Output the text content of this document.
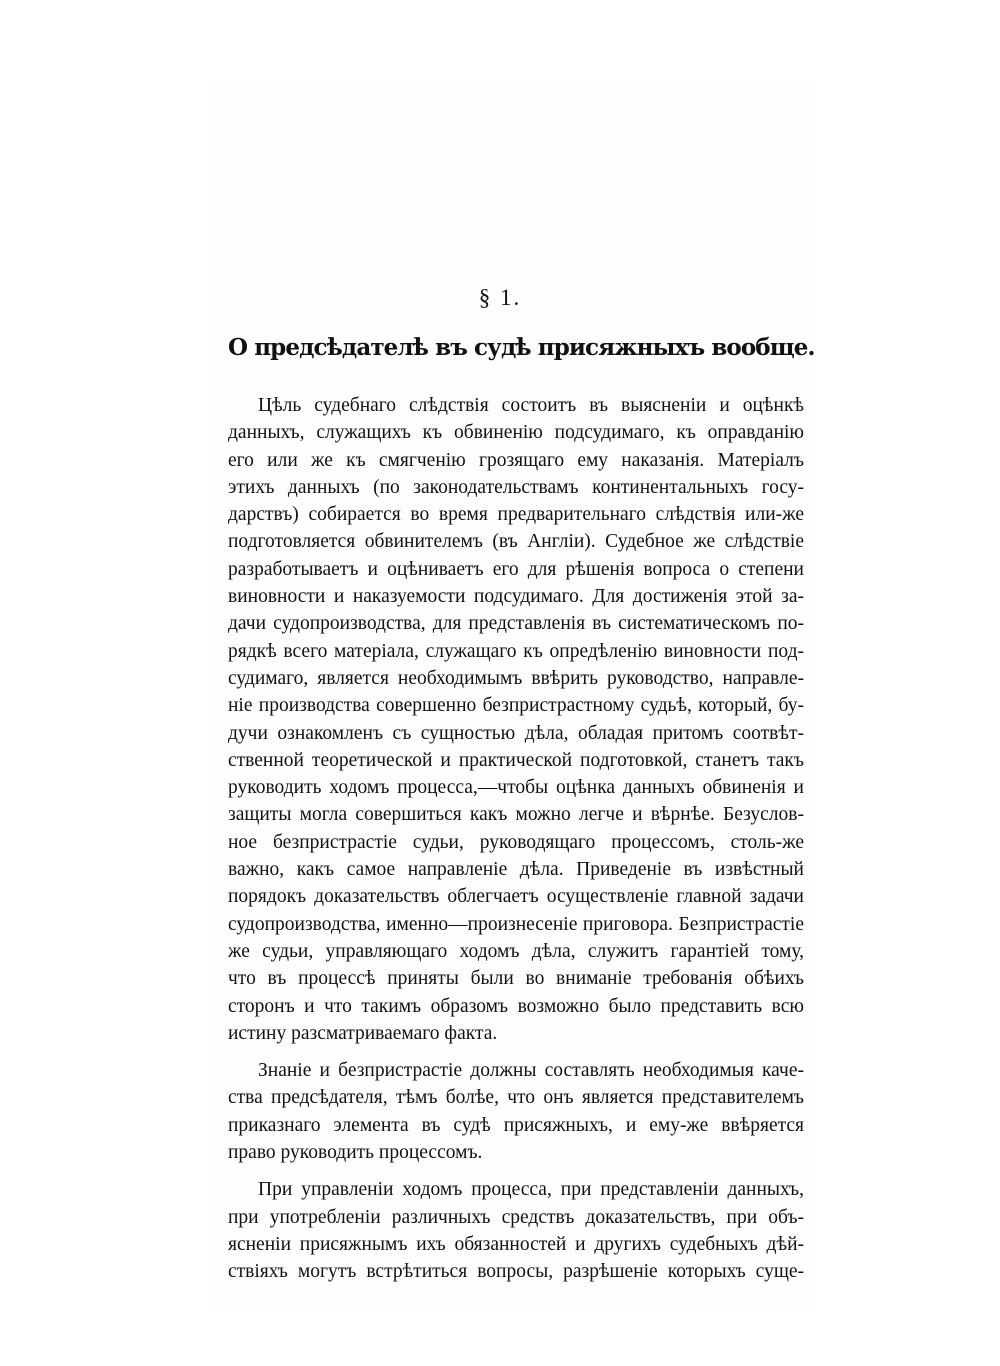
§ 1.
О предсѣдателѣ въ судѣ присяжныхъ вообще.
Цѣль судебнаго слѣдствія состоитъ въ выясненіи и оцѣнкѣ
данныхъ, служащихъ къ обвиненію подсудимаго, къ оправданію
его или же къ смягченію грозящаго ему наказанія. Матеріалъ
этихъ данныхъ (по законодательствамъ континентальныхъ госу-
дарствъ) собирается во время предварительнаго слѣдствія или-же
подготовляется обвинителемъ (въ Англіи). Судебное же слѣдствіе
разработываетъ и оцѣниваетъ его для рѣшенія вопроса о степени
виновности и наказуемости подсудимаго. Для достиженія этой за-
дачи судопроизводства, для представленія въ систематическомъ по-
рядкѣ всего матеріала, служащаго къ опредѣленію виновности под-
судимаго, является необходимымъ ввѣрить руководство, направле-
ніе производства совершенно безпристрастному судьѣ, который, бу-
дучи ознакомленъ съ сущностью дѣла, обладая притомъ соотвѣт-
ственной теоретической и практической подготовкой, станетъ такъ
руководить ходомъ процесса,—чтобы оцѣнка данныхъ обвиненія и
защиты могла совершиться какъ можно легче и вѣрнѣе. Безуслов-
ное безпристрастіе судьи, руководящаго процессомъ, столь-же
важно, какъ самое направленіе дѣла. Приведеніе въ извѣстный
порядокъ доказательствъ облегчаетъ осуществленіе главной задачи
судопроизводства, именно—произнесеніе приговора. Безпристрастіе
же судьи, управляющаго ходомъ дѣла, служитъ гарантіей тому,
что въ процессѣ приняты были во вниманіе требованія обѣихъ
сторонъ и что такимъ образомъ возможно было представить всю
истину разсматриваемаго факта.
Знаніе и безпристрастіе должны составлять необходимыя каче-
ства предсѣдателя, тѣмъ болѣе, что онъ является представителемъ
приказнаго элемента въ судѣ присяжныхъ, и ему-же ввѣряется
право руководить процессомъ.
При управленіи ходомъ процесса, при представленіи данныхъ,
при употребленіи различныхъ средствъ доказательствъ, при объ-
ясненіи присяжнымъ ихъ обязанностей и другихъ судебныхъ дѣй-
ствіяхъ могутъ встрѣтиться вопросы, разрѣшеніе которыхъ суще-
